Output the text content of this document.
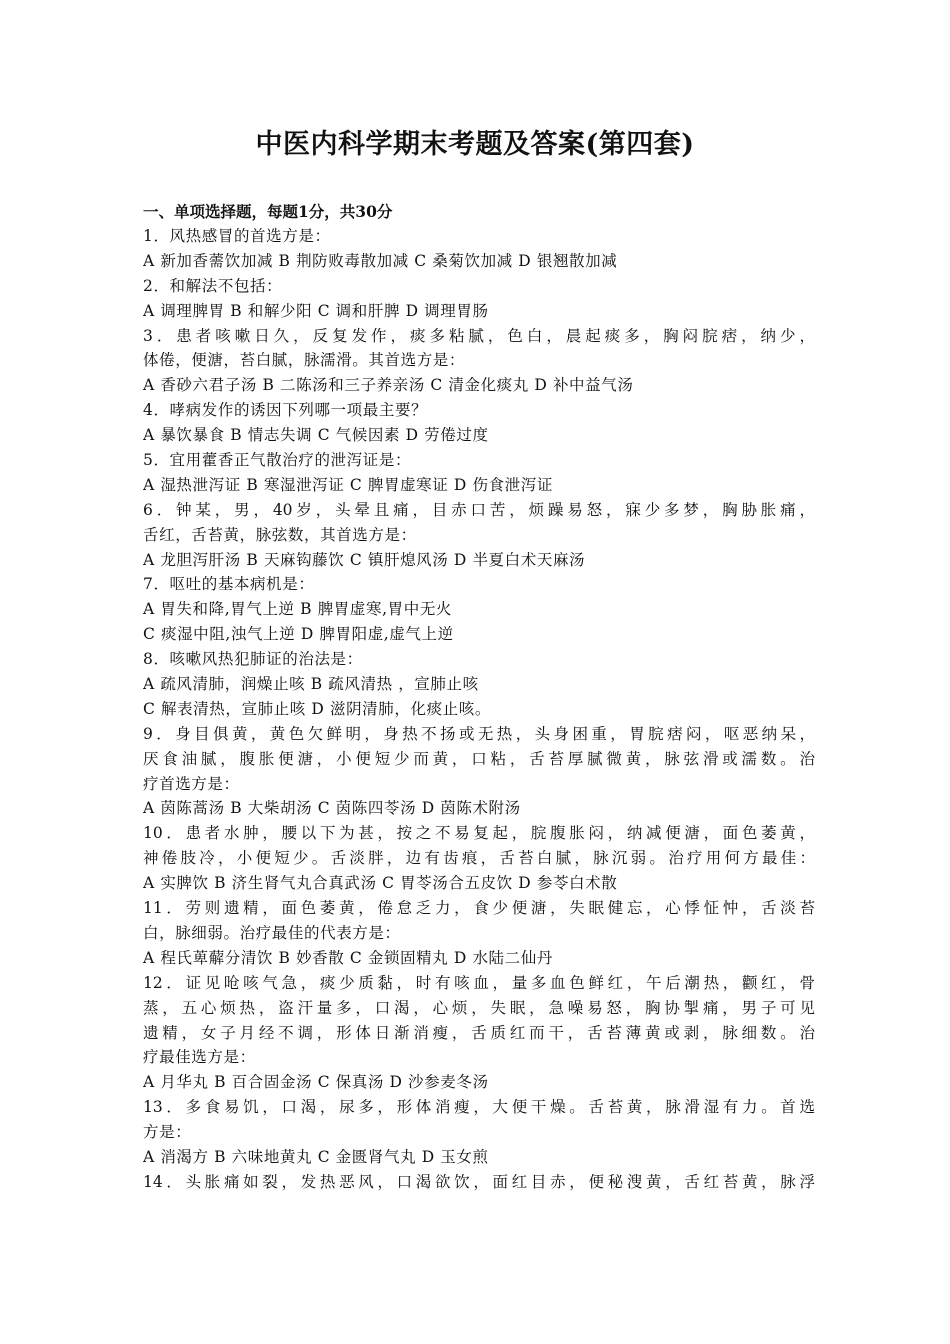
中医内科学期末考题及答案(第四套)

一、单项选择题，每题1分，共30分

1．风热感冒的首选方是：

A 新加香薷饮加减 B 荆防败毒散加减 C 桑菊饮加减 D 银翘散加减

2．和解法不包括：

A 调理脾胃 B 和解少阳 C 调和肝脾 D 调理胃肠

3．患者咳嗽日久，反复发作，痰多粘腻，色白，晨起痰多，胸闷脘痞，纳少，

体倦，便溏，苔白腻，脉濡滑。其首选方是：

A 香砂六君子汤 B 二陈汤和三子养亲汤 C 清金化痰丸 D 补中益气汤

4．哮病发作的诱因下列哪一项最主要？

A 暴饮暴食 B 情志失调 C 气候因素 D 劳倦过度

5．宜用藿香正气散治疗的泄泻证是：

A 湿热泄泻证 B 寒湿泄泻证 C 脾胃虚寒证 D 伤食泄泻证

6．钟某，男，40岁，头晕且痛，目赤口苦，烦躁易怒，寐少多梦，胸胁胀痛，

舌红，舌苔黄，脉弦数，其首选方是：

A 龙胆泻肝汤 B 天麻钩藤饮 C 镇肝熄风汤 D 半夏白术天麻汤

7．呕吐的基本病机是：

A 胃失和降,胃气上逆 B 脾胃虚寒,胃中无火

C 痰湿中阻,浊气上逆 D 脾胃阳虚,虚气上逆

8．咳嗽风热犯肺证的治法是：

A 疏风清肺，润燥止咳 B 疏风清热 ，宣肺止咳

C 解表清热，宣肺止咳 D 滋阴清肺，化痰止咳。

9．身目俱黄，黄色欠鲜明，身热不扬或无热，头身困重，胃脘痞闷，呕恶纳呆，

厌食油腻，腹胀便溏，小便短少而黄，口粘，舌苔厚腻微黄，脉弦滑或濡数。治

疗首选方是：

A 茵陈蒿汤 B 大柴胡汤 C 茵陈四苓汤 D 茵陈术附汤

10．患者水肿，腰以下为甚，按之不易复起，脘腹胀闷，纳减便溏，面色萎黄，

神倦肢冷，小便短少。舌淡胖，边有齿痕，舌苔白腻，脉沉弱。治疗用何方最佳：

A 实脾饮 B 济生肾气丸合真武汤 C 胃苓汤合五皮饮 D 参苓白术散

11．劳则遗精，面色萎黄，倦怠乏力，食少便溏，失眠健忘，心悸怔忡，舌淡苔

白，脉细弱。治疗最佳的代表方是：

A 程氏萆薢分清饮 B 妙香散 C 金锁固精丸 D 水陆二仙丹

12．证见呛咳气急，痰少质黏，时有咳血，量多血色鲜红，午后潮热，颧红，骨

蒸，五心烦热，盗汗量多，口渴，心烦，失眠，急噪易怒，胸协掣痛，男子可见

遗精，女子月经不调，形体日渐消瘦，舌质红而干，舌苔薄黄或剥，脉细数。治

疗最佳选方是：

A 月华丸 B 百合固金汤 C 保真汤 D 沙参麦冬汤

13．多食易饥，口渴，尿多，形体消瘦，大便干燥。舌苔黄，脉滑湿有力。首选

方是：

A 消渴方 B 六味地黄丸 C 金匮肾气丸 D 玉女煎

14．头胀痛如裂，发热恶风，口渴欲饮，面红目赤，便秘溲黄，舌红苔黄，脉浮
